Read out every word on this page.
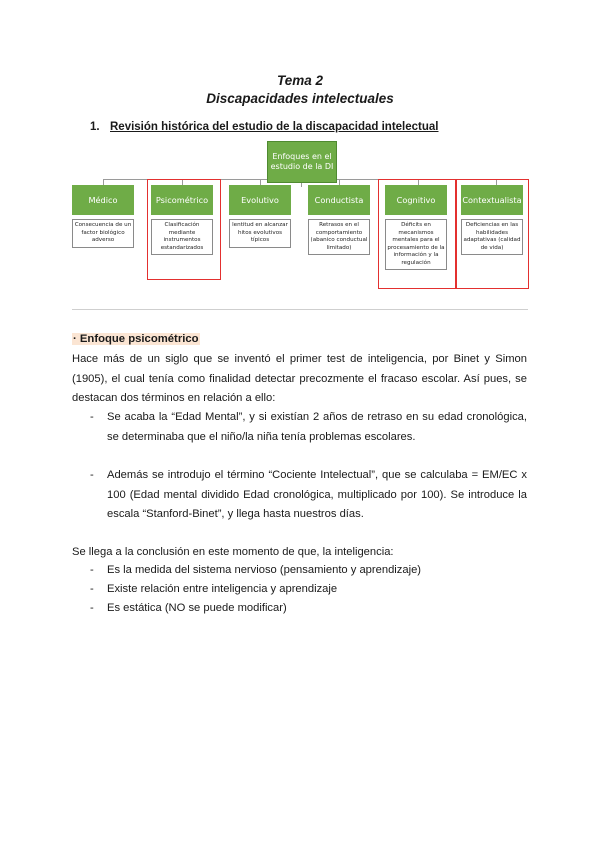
Tema 2
Discapacidades intelectuales
1. Revisión histórica del estudio de la discapacidad intelectual
Enfoques en el estudio de la DI
Médico
Consecuencia de un factor biológico adverso
Psicométrico
Clasificación mediante instrumentos estandarizados
Evolutivo
lentitud en alcanzar hitos evolutivos típicos
Conductista
Retrasos en el comportamiento (abanico conductual limitado)
Cognitivo
Déficits en mecanismos mentales para el procesamiento de la información y la regulación
Contextualista
Deficiencias en las habilidades adaptativas (calidad de vida)
· Enfoque psicométrico
Hace más de un siglo que se inventó el primer test de inteligencia, por Binet y Simon (1905), el cual tenía como finalidad detectar precozmente el fracaso escolar. Así pues, se destacan dos términos en relación a ello:
- Se acaba la “Edad Mental”, y si existían 2 años de retraso en su edad cronológica, se determinaba que el niño/la niña tenía problemas escolares.
- Además se introdujo el término “Cociente Intelectual”, que se calculaba = EM/EC x 100 (Edad mental dividido Edad cronológica, multiplicado por 100). Se introduce la escala “Stanford-Binet”, y llega hasta nuestros días.
Se llega a la conclusión en este momento de que, la inteligencia:
- Es la medida del sistema nervioso (pensamiento y aprendizaje)
- Existe relación entre inteligencia y aprendizaje
- Es estática (NO se puede modificar)
